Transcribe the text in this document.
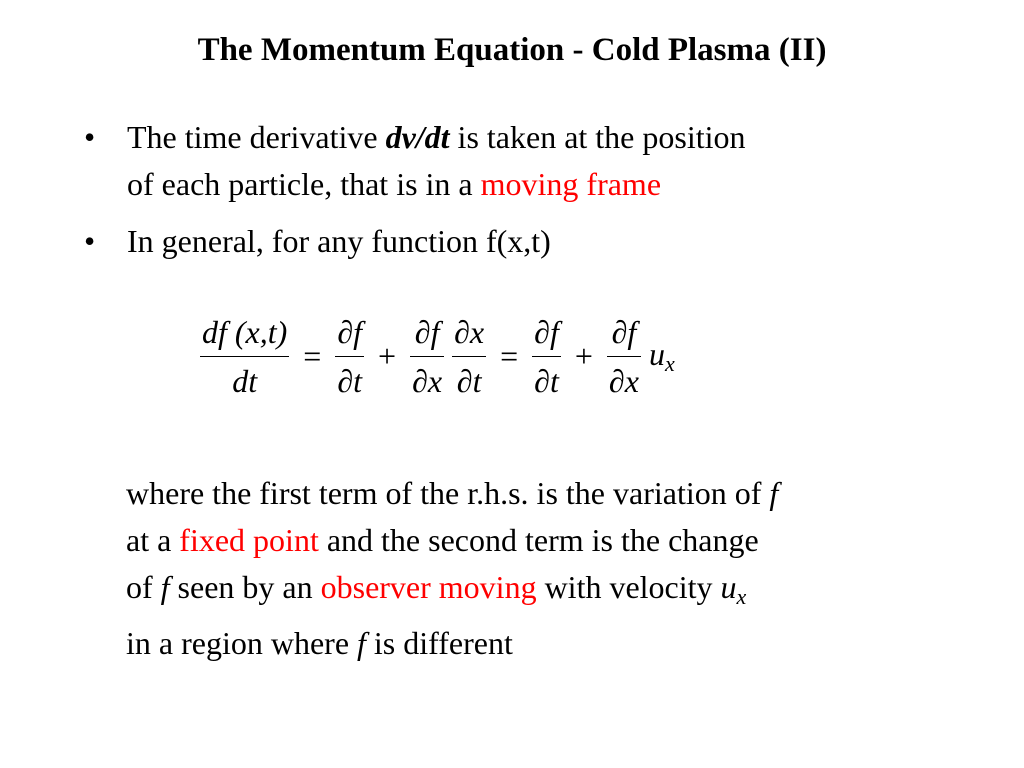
The Momentum Equation - Cold Plasma (II)
• The time derivative dv/dt is taken at the position
of each particle, that is in a moving frame
• In general, for any function f(x,t)
$\frac{df (x,t)}{dt} = \frac{\partial f}{\partial t} + \frac{\partial f}{\partial x} \frac{\partial x}{\partial t} = \frac{\partial f}{\partial t} + \frac{\partial f}{\partial x} u_x$
where the first term of the r.h.s. is the variation of f
at a fixed point and the second term is the change
of f seen by an observer moving with velocity $u_x$
in a region where f is different
